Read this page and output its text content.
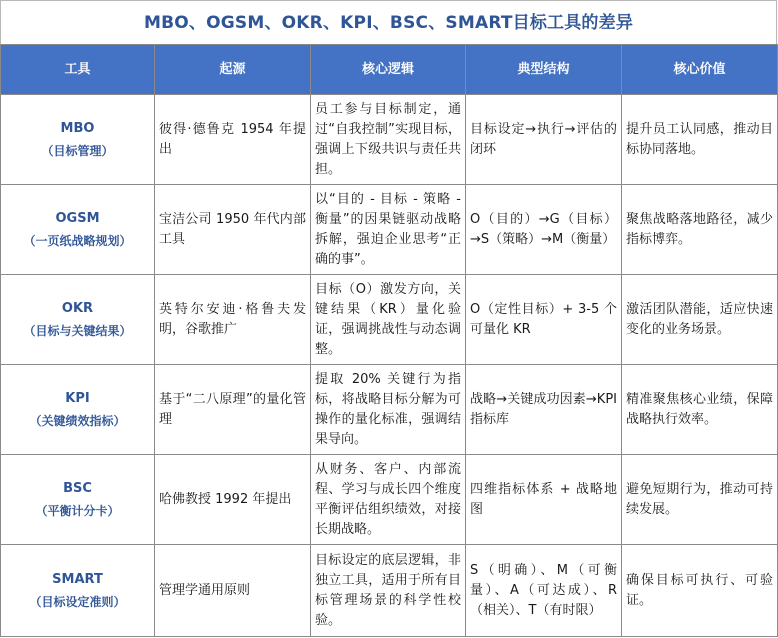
MBO、OGSM、OKR、KPI、BSC、SMART目标工具的差异
工具	起源	核心逻辑	典型结构	核心价值

MBO
（目标管理）	彼得·德鲁克 1954 年提出	员工参与目标制定，通过“自我控制”实现目标，强调上下级共识与责任共担。	目标设定→执行→评估的闭环	提升员工认同感，推动目标协同落地。

OGSM
（一页纸战略规划）	宝洁公司 1950 年代内部工具	以“目的 - 目标 - 策略 - 衡量”的因果链驱动战略拆解，强迫企业思考“正确的事”。	O（目的）→G（目标）→S（策略）→M（衡量）	聚焦战略落地路径，减少指标博弈。

OKR
（目标与关键结果）	英特尔安迪·格鲁夫发明，谷歌推广	目标（O）激发方向，关键结果（KR）量化验证，强调挑战性与动态调整。	O（定性目标）+ 3-5 个可量化 KR	激活团队潜能，适应快速变化的业务场景。

KPI
（关键绩效指标）	基于“二八原理”的量化管理	提取 20% 关键行为指标，将战略目标分解为可操作的量化标准，强调结果导向。	战略→关键成功因素→KPI 指标库	精准聚焦核心业绩，保障战略执行效率。

BSC
（平衡计分卡）	哈佛教授 1992 年提出	从财务、客户、内部流程、学习与成长四个维度平衡评估组织绩效，对接长期战略。	四维指标体系 + 战略地图	避免短期行为，推动可持续发展。

SMART
（目标设定准则）	管理学通用原则	目标设定的底层逻辑，非独立工具，适用于所有目标管理场景的科学性校验。	S（明确）、M（可衡量）、A（可达成）、R（相关）、T（有时限）	确保目标可执行、可验证。
